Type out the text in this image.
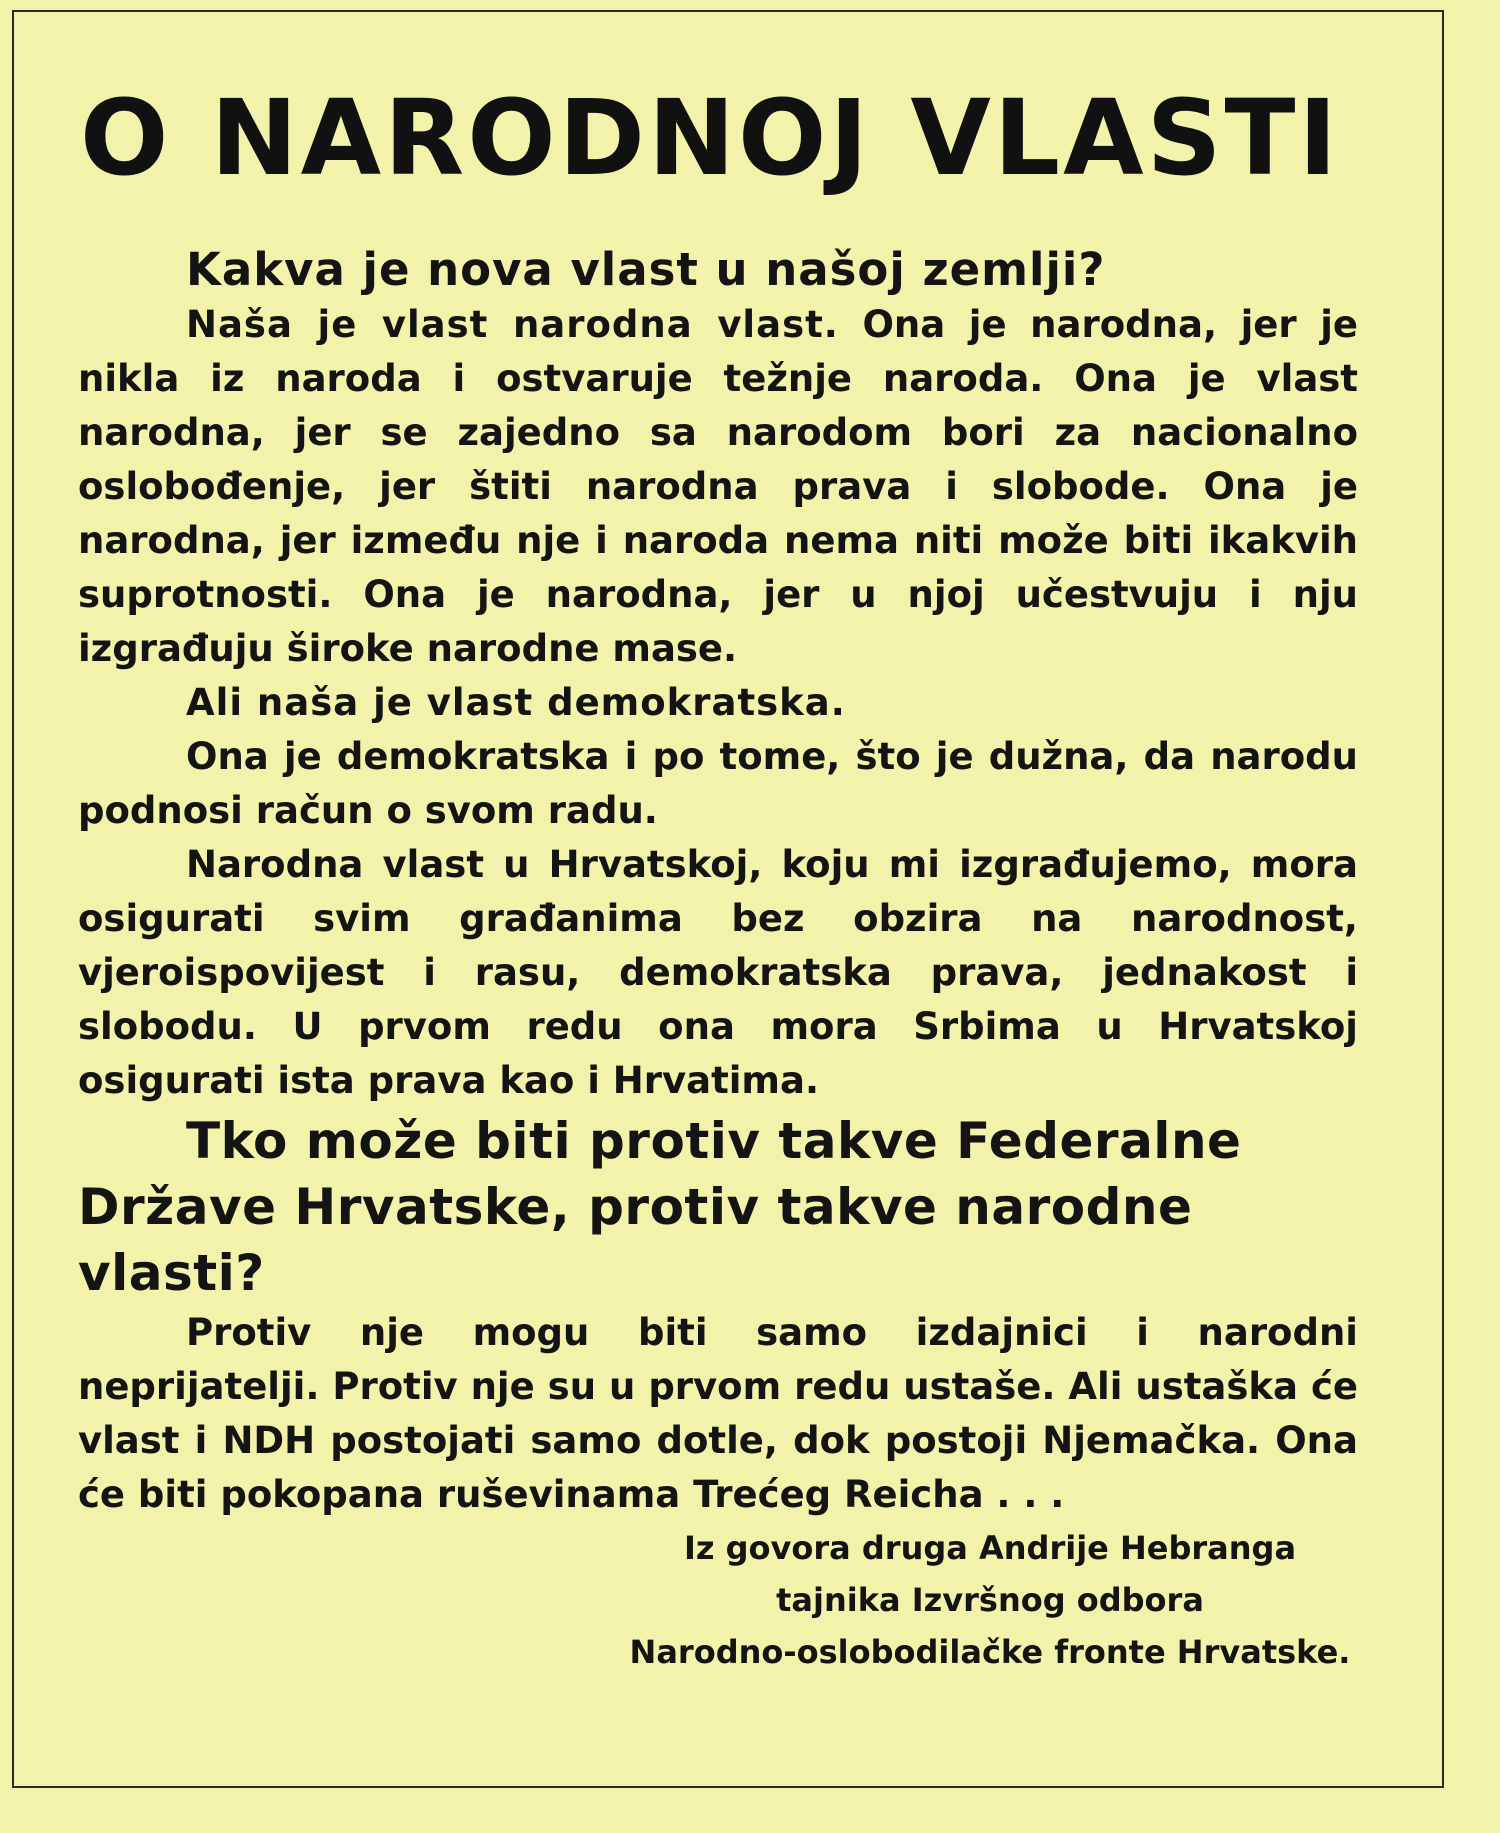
O NARODNOJ VLASTI

Kakva je nova vlast u našoj zemlji?

Naša je vlast narodna vlast. Ona je narodna, jer je nikla iz naroda i ostvaruje težnje naroda. Ona je vlast narodna, jer se zajedno sa narodom bori za nacionalno oslobođenje, jer štiti narodna prava i slobode. Ona je narodna, jer između nje i naroda nema niti može biti ikakvih suprotnosti. Ona je narodna, jer u njoj učestvuju i nju izgrađuju široke narodne mase.

Ali naša je vlast demokratska.

Ona je demokratska i po tome, što je dužna, da narodu podnosi račun o svom radu.

Narodna vlast u Hrvatskoj, koju mi izgrađujemo, mora osigurati svim građanima bez obzira na narodnost, vjeroispovijest i rasu, demokratska prava, jednakost i slobodu. U prvom redu ona mora Srbima u Hrvatskoj osigurati ista prava kao i Hrvatima.

Tko može biti protiv takve Federalne Države Hrvatske, protiv takve narodne vlasti?

Protiv nje mogu biti samo izdajnici i narodni neprijatelji. Protiv nje su u prvom redu ustaše. Ali ustaška će vlast i NDH postojati samo dotle, dok postoji Njemačka. Ona će biti pokopana ruševinama Trećeg Reicha . . .

Iz govora druga Andrije Hebranga
tajnika Izvršnog odbora
Narodno-oslobodilačke fronte Hrvatske.
